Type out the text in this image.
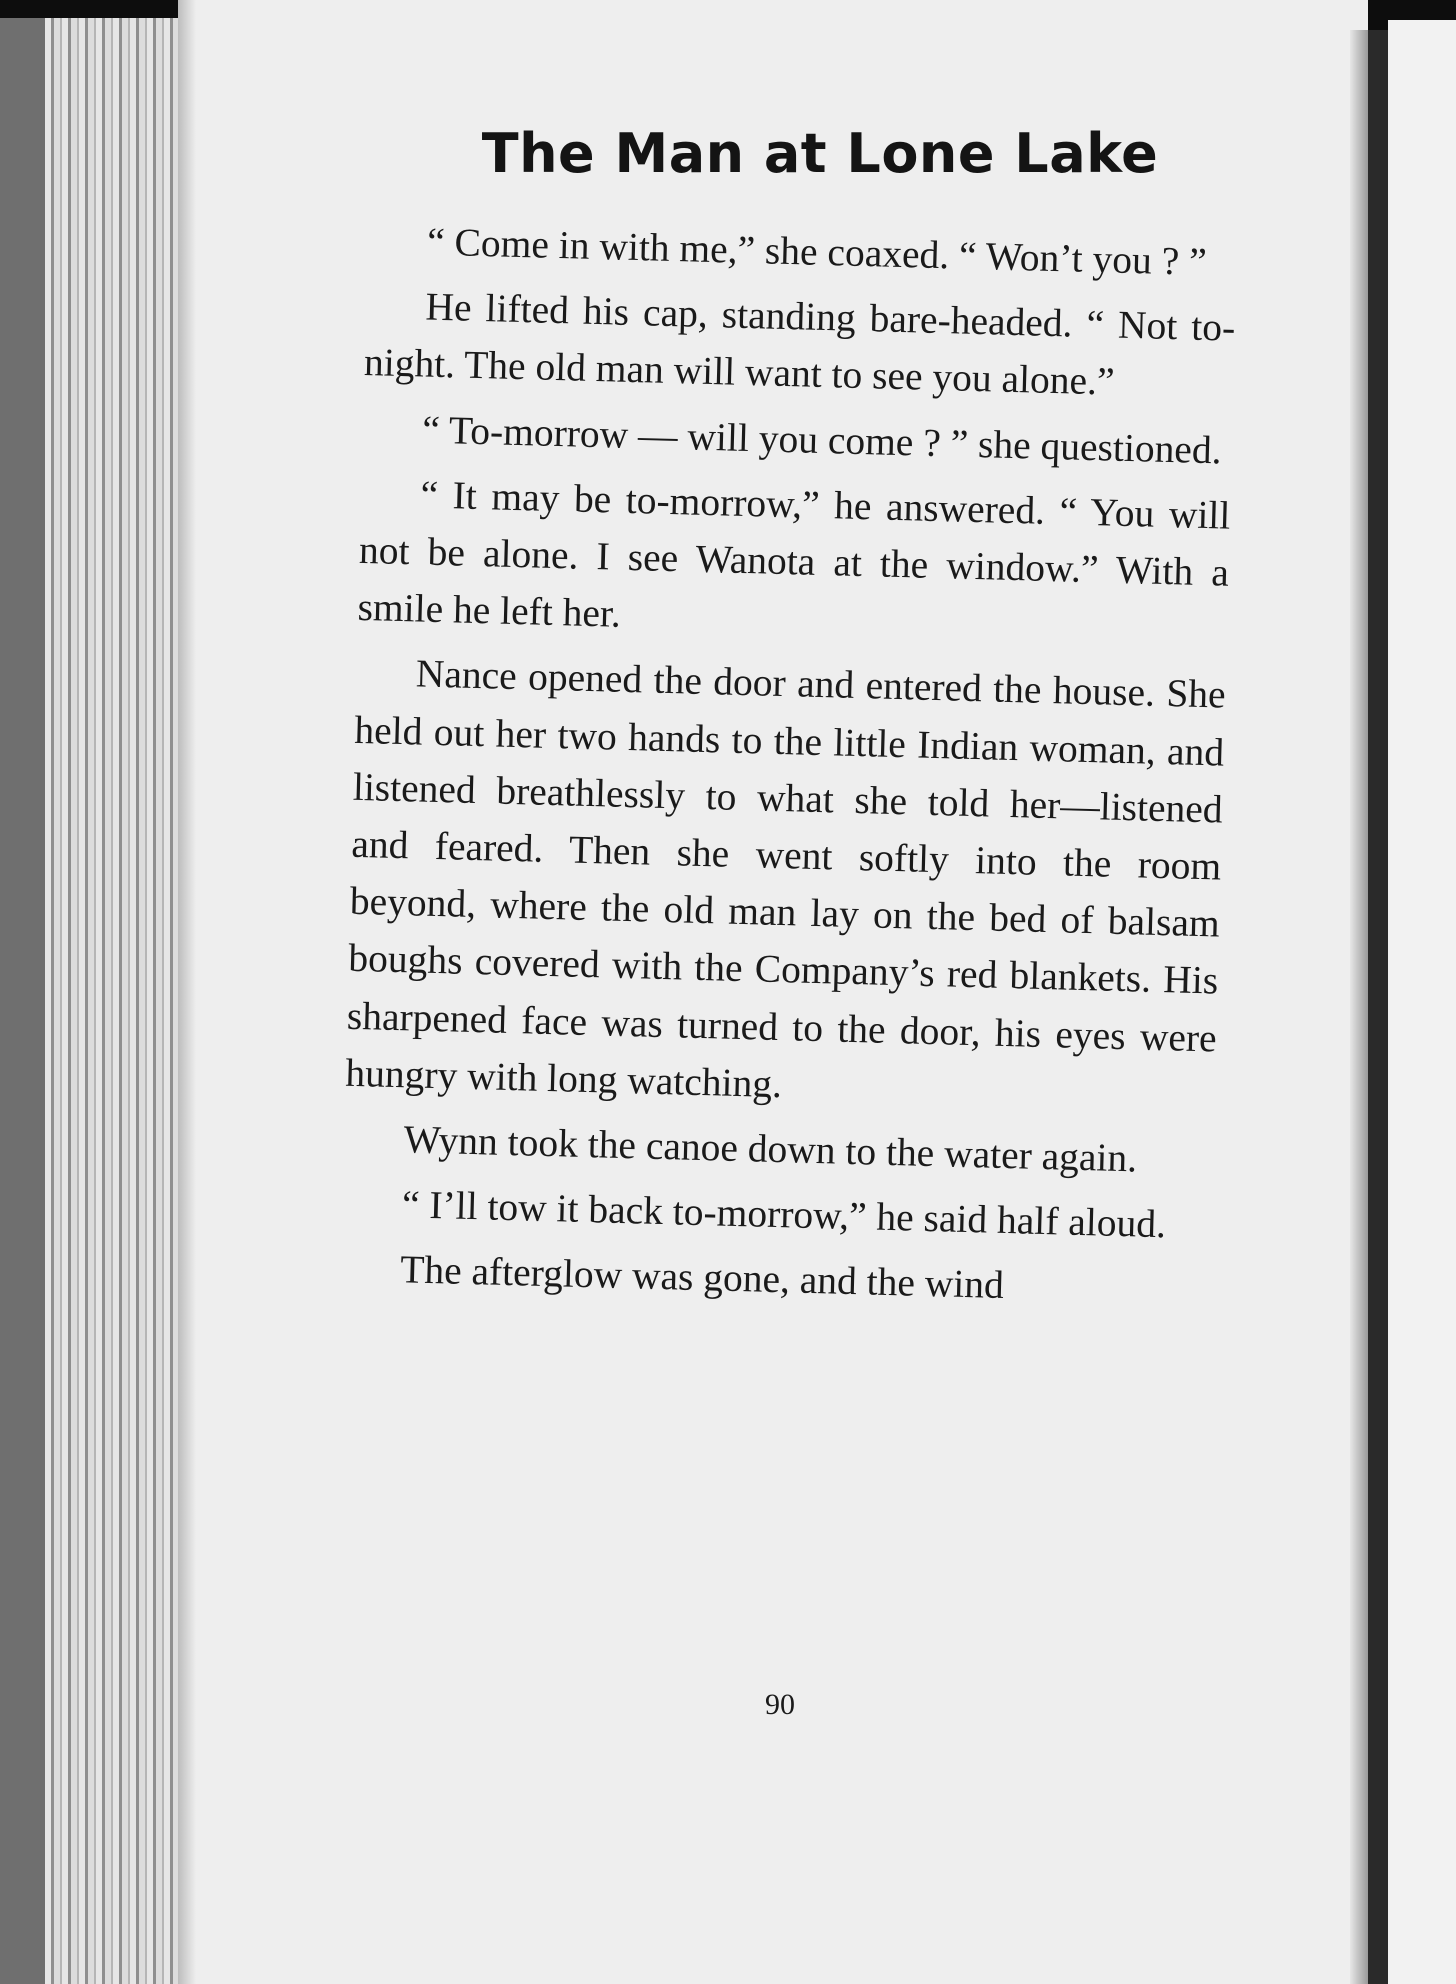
The Man at Lone Lake

“ Come in with me,” she coaxed. “ Won’t you ? ”

He lifted his cap, standing bare-headed. “ Not to-night. The old man will want to see you alone.”

“ To-morrow — will you come ? ” she questioned.

“ It may be to-morrow,” he answered. “ You will not be alone. I see Wanota at the window.” With a smile he left her.

Nance opened the door and entered the house. She held out her two hands to the little Indian woman, and listened breathlessly to what she told her—listened and feared. Then she went softly into the room beyond, where the old man lay on the bed of balsam boughs covered with the Company’s red blankets. His sharpened face was turned to the door, his eyes were hungry with long watching.

Wynn took the canoe down to the water again.

“ I’ll tow it back to-morrow,” he said half aloud.

The afterglow was gone, and the wind

90
